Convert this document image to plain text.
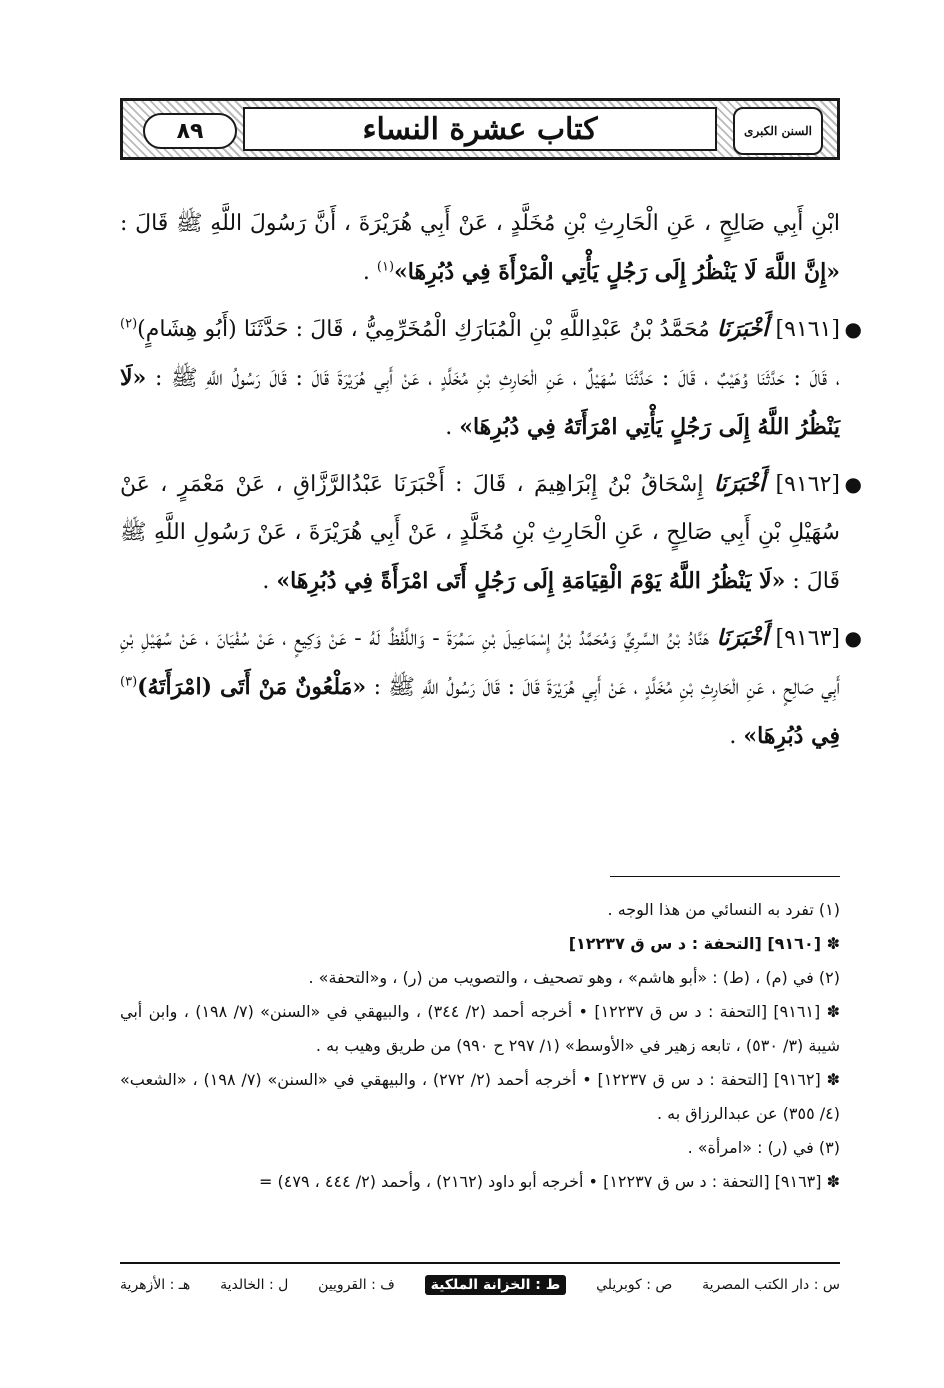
٨٩	كتاب عشرة النساء	السنن الكبرى

ابْنِ أَبِي صَالِحٍ ، عَنِ الْحَارِثِ بْنِ مُخَلَّدٍ ، عَنْ أَبِي هُرَيْرَةَ ، أَنَّ رَسُولَ اللَّهِ ﷺ قَالَ : «إِنَّ اللَّهَ لَا يَنْظُرُ إِلَى رَجُلٍ يَأْتِي الْمَرْأَةَ فِي دُبُرِهَا»$^{(١)}$ .

●
[٩١٦١] أَخْبَرَنَا مُحَمَّدُ بْنُ عَبْدِاللَّهِ بْنِ الْمُبَارَكِ الْمُخَرِّمِيُّ ، قَالَ : حَدَّثَنَا (أَبُو هِشَامٍ)$^{(٢)}$ ، قَالَ : حَدَّثَنَا وُهَيْبٌ ، قَالَ : حَدَّثَنَا سُهَيْلٌ ، عَنِ الْحَارِثِ بْنِ مُخَلَّدٍ ، عَنْ أَبِي هُرَيْرَةَ قَالَ : قَالَ رَسُولُ اللَّهِ ﷺ : «لَا يَنْظُرُ اللَّهُ إِلَى رَجُلٍ يَأْتِي امْرَأَتَهُ فِي دُبُرِهَا» .

●
[٩١٦٢] أَخْبَرَنَا إِسْحَاقُ بْنُ إِبْرَاهِيمَ ، قَالَ : أَخْبَرَنَا عَبْدُالرَّزَّاقِ ، عَنْ مَعْمَرٍ ، عَنْ سُهَيْلِ بْنِ أَبِي صَالِحٍ ، عَنِ الْحَارِثِ بْنِ مُخَلَّدٍ ، عَنْ أَبِي هُرَيْرَةَ ، عَنْ رَسُولِ اللَّهِ ﷺ قَالَ : «لَا يَنْظُرُ اللَّهُ يَوْمَ الْقِيَامَةِ إِلَى رَجُلٍ أَتَى امْرَأَةً فِي دُبُرِهَا» .

●
[٩١٦٣] أَخْبَرَنَا هَنَّادُ بْنُ السَّرِيِّ وَمُحَمَّدُ بْنُ إِسْمَاعِيلَ بْنِ سَمُرَةَ - وَاللَّفْظُ لَهُ - عَنْ وَكِيعٍ ، عَنْ سُفْيَانَ ، عَنْ سُهَيْلِ بْنِ أَبِي صَالِحٍ ، عَنِ الْحَارِثِ بْنِ مُخَلَّدٍ ، عَنْ أَبِي هُرَيْرَةَ قَالَ : قَالَ رَسُولُ اللَّهِ ﷺ : «مَلْعُونٌ مَنْ أَتَى (امْرَأَتَهُ)$^{(٣)}$ فِي دُبُرِهَا» .

(١) تفرد به النسائي من هذا الوجه .
✽ [٩١٦٠] [التحفة : د س ق ١٢٢٣٧]
(٢) في (م) ، (ط) : «أبو هاشم» ، وهو تصحيف ، والتصويب من (ر) ، و«التحفة» .
✽ [٩١٦١] [التحفة : د س ق ١٢٢٣٧] • أخرجه أحمد (٢/ ٣٤٤) ، والبيهقي في «السنن» (٧/ ١٩٨) ، وابن أبي شيبة (٣/ ٥٣٠) ، تابعه زهير في «الأوسط» (١/ ٢٩٧ ح ٩٩٠) من طريق وهيب به .
✽ [٩١٦٢] [التحفة : د س ق ١٢٢٣٧] • أخرجه أحمد (٢/ ٢٧٢) ، والبيهقي في «السنن» (٧/ ١٩٨) ، «الشعب» (٤/ ٣٥٥) عن عبدالرزاق به .
(٣) في (ر) : «امرأة» .
✽ [٩١٦٣] [التحفة : د س ق ١٢٢٣٧] • أخرجه أبو داود (٢١٦٢) ، وأحمد (٢/ ٤٤٤ ، ٤٧٩) =
س : دار الكتب المصرية
ص : كوبريلي
ط : الخزانة الملكية
ف : القرويين
ل : الخالدية
هـ : الأزهرية
